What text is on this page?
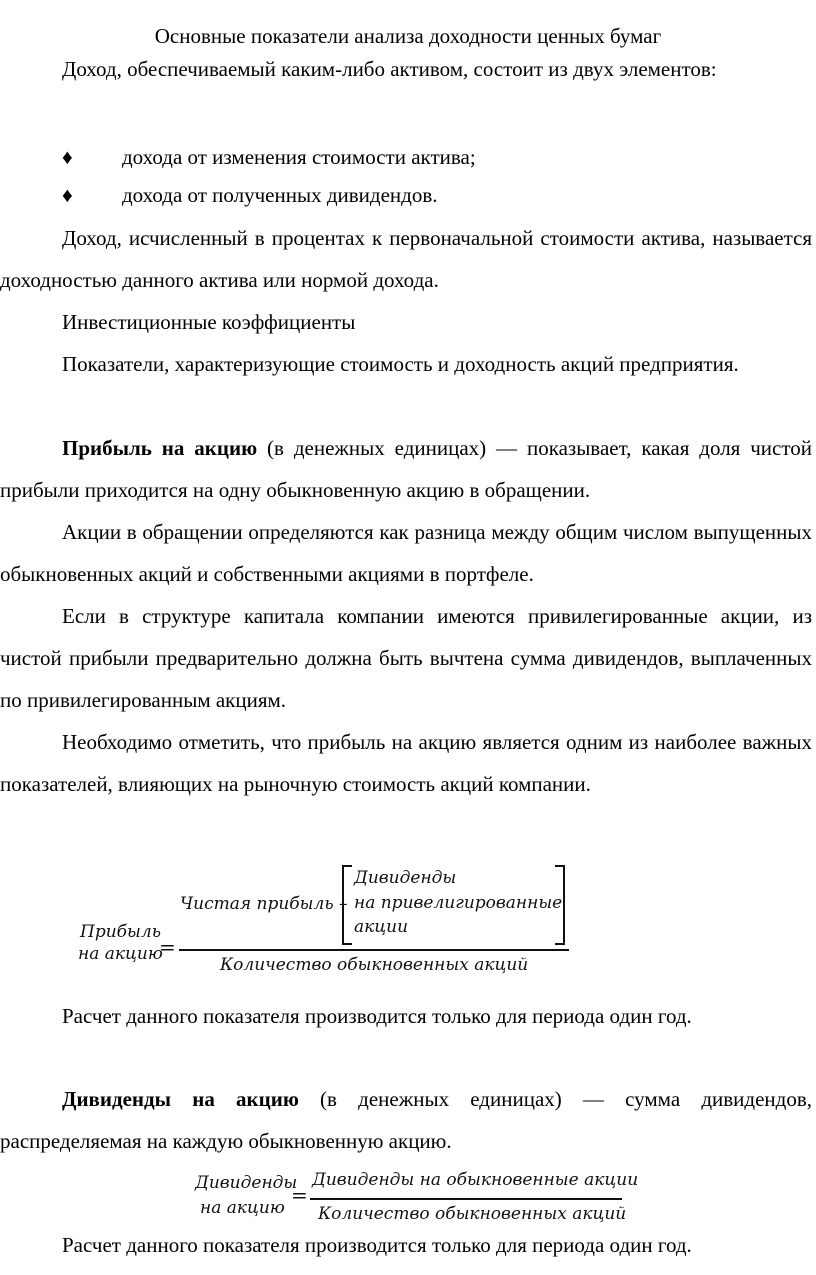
Основные показатели анализа доходности ценных бумаг
Доход, обеспечиваемый каким-либо активом, состоит из двух элементов:
♦ дохода от изменения стоимости актива;
♦ дохода от полученных дивидендов.
Доход, исчисленный в процентах к первоначальной стоимости актива, называется доходностью данного актива или нормой дохода.
Инвестиционные коэффициенты
Показатели, характеризующие стоимость и доходность акций предприятия.
Прибыль на акцию (в денежных единицах) — показывает, какая доля чистой прибыли приходится на одну обыкновенную акцию в обращении.
Акции в обращении определяются как разница между общим числом выпущенных обыкновенных акций и собственными акциями в портфеле.
Если в структуре капитала компании имеются привилегированные акции, из чистой прибыли предварительно должна быть вычтена сумма дивидендов, выплаченных по привилегированным акциям.
Необходимо отметить, что прибыль на акцию является одним из наиболее важных показателей, влияющих на рыночную стоимость акций компании.
Прибыль
на акцию
=
Чистая прибыль –
Дивиденды
на привелигированные
акции
Количество обыкновенных акций
Расчет данного показателя производится только для периода один год.
Дивиденды на акцию (в денежных единицах) — сумма дивидендов, распределяемая на каждую обыкновенную акцию.
Дивиденды
на акцию
=
Дивиденды на обыкновенные акции
Количество обыкновенных акций
Расчет данного показателя производится только для периода один год.
